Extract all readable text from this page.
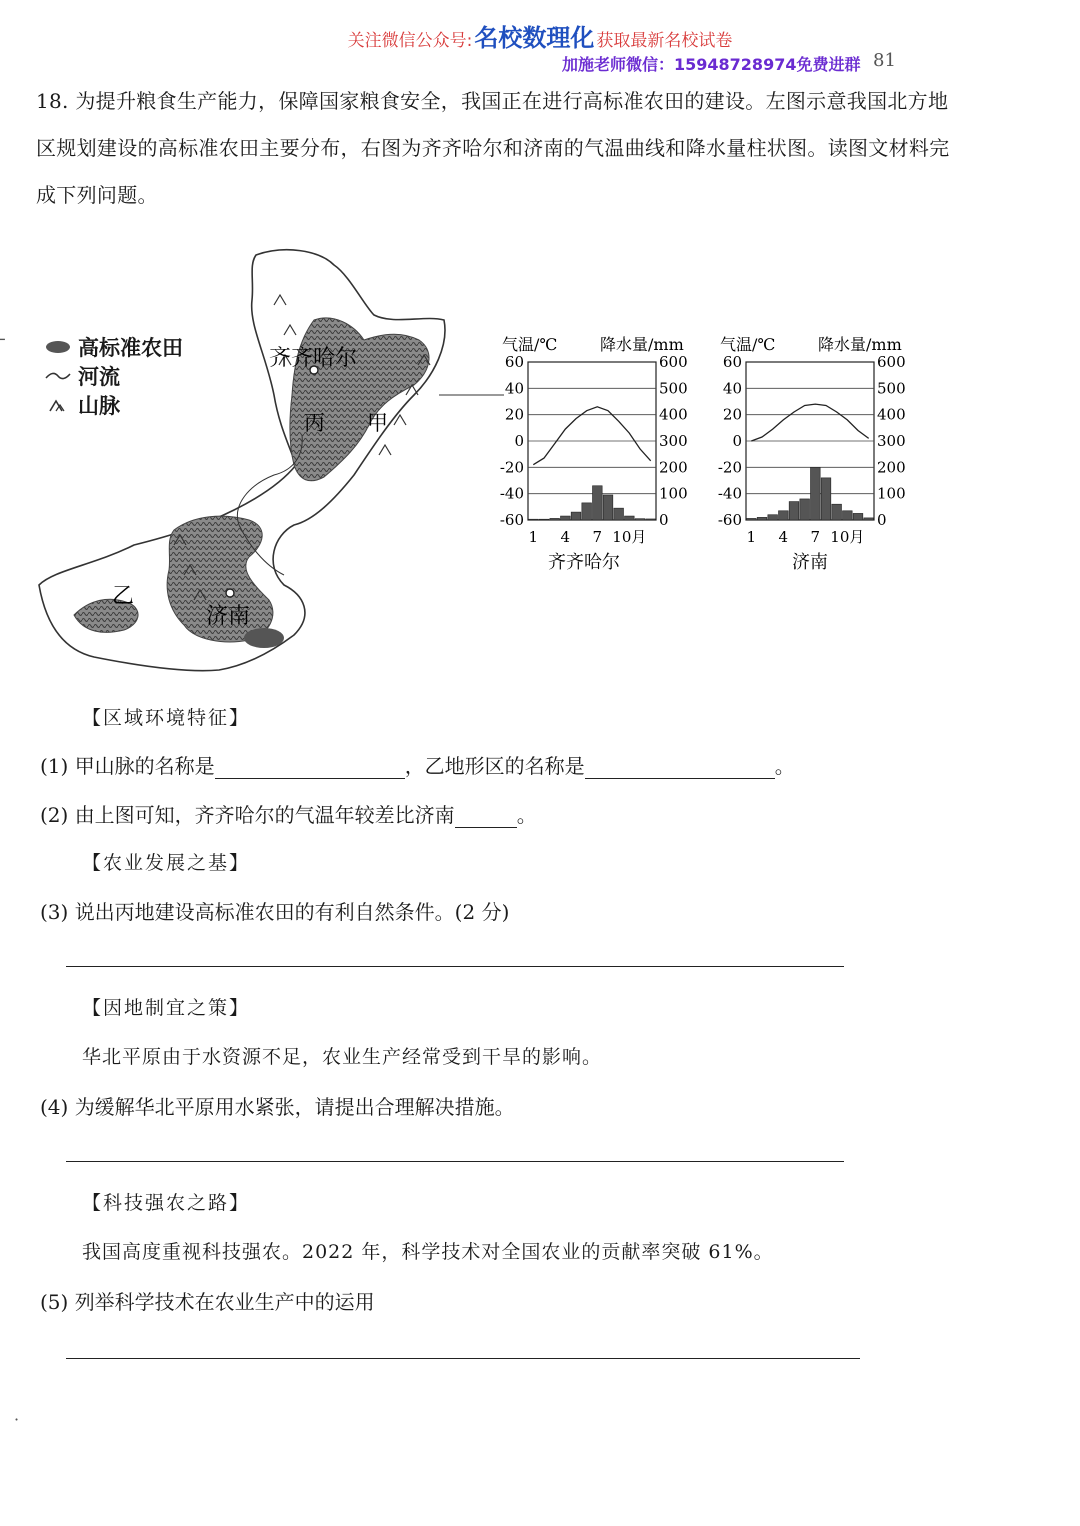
关注微信公众号:名校数理化 获取最新名校试卷
加施老师微信：15948728974免费进群 81
18. 为提升粮食生产能力，保障国家粮食安全，我国正在进行高标准农田的建设。左图示意我国北方地
区规划建设的高标准农田主要分布，右图为齐齐哈尔和济南的气温曲线和降水量柱状图。读图文材料完
成下列问题。
╴	高标准农田
河流
山脉
齐齐哈尔
济南
丙 甲
乙
气温/℃	降水量/mm
60	600
40	500
20	400
0	300
-20	200
-40	100
-60	0
1 4 7 10月
齐齐哈尔
气温/℃	降水量/mm
60	600
40	500
20	400
0	300
-20	200
-40	100
-60	0
1 4 7 10月
济南
【区域环境特征】
(1) 甲山脉的名称是	，乙地形区的名称是	。
(2) 由上图可知，齐齐哈尔的气温年较差比济南	。
【农业发展之基】
(3) 说出丙地建设高标准农田的有利自然条件。(2 分)
【因地制宜之策】
华北平原由于水资源不足，农业生产经常受到干旱的影响。
(4) 为缓解华北平原用水紧张，请提出合理解决措施。
【科技强农之路】
我国高度重视科技强农。2022 年，科学技术对全国农业的贡献率突破 61%。
(5) 列举科学技术在农业生产中的运用
·
